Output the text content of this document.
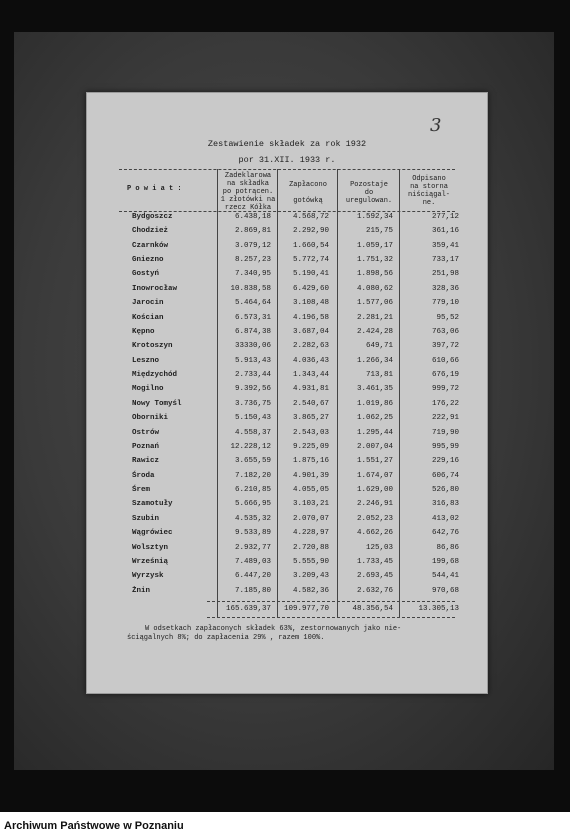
3
Zestawienie składek za rok 1932
por 31.XII. 1933 r.
P o w i a t :
Zadeklarowa
na składka
po potrącen.
1 złotówki na
rzecz Kółka
Zapłacono

gotówką
Pozostaje
do
uregulowan.
Odpisano
na storna
niściągal-
ne.
Bydgoszcz	6.438,18	4.568,72	1.592,34	277,12
Chodzież	2.869,81	2.292,90	215,75	361,16
Czarnków	3.079,12	1.660,54	1.059,17	359,41
Gniezno	8.257,23	5.772,74	1.751,32	733,17
Gostyń	7.340,95	5.190,41	1.898,56	251,98
Inowrocław	10.838,58	6.429,60	4.080,62	328,36
Jarocin	5.464,64	3.108,48	1.577,06	779,10
Kościan	6.573,31	4.196,58	2.281,21	95,52
Kępno	6.874,38	3.687,04	2.424,28	763,06
Krotoszyn	33330,06	2.282,63	649,71	397,72
Leszno	5.913,43	4.036,43	1.266,34	610,66
Międzychód	2.733,44	1.343,44	713,81	676,19
Mogilno	9.392,56	4.931,81	3.461,35	999,72
Nowy Tomyśl	3.736,75	2.540,67	1.019,86	176,22
Oborniki	5.150,43	3.865,27	1.062,25	222,91
Ostrów	4.558,37	2.543,03	1.295,44	719,90
Poznań	12.228,12	9.225,09	2.007,04	995,99
Rawicz	3.655,59	1.875,16	1.551,27	229,16
Środa	7.182,20	4.901,39	1.674,07	606,74
Śrem	6.210,85	4.055,05	1.629,00	526,80
Szamotuły	5.666,95	3.103,21	2.246,91	316,83
Szubin	4.535,32	2.070,07	2.052,23	413,02
Wągrówiec	9.533,89	4.228,97	4.662,26	642,76
Wolsztyn	2.932,77	2.720,88	125,03	86,86
Wrześnią	7.489,03	5.555,90	1.733,45	199,68
Wyrzysk	6.447,20	3.209,43	2.693,45	544,41
Żnin	7.185,80	4.582,36	2.632,76	970,68
165.639,37	109.977,70	48.356,54	13.305,13
W odsetkach zapłaconych składek 63%, zestornowanych jako nie-
ściągalnych 8%; do zapłacenia 29% , razem 100%.
Archiwum Państwowe w Poznaniu
